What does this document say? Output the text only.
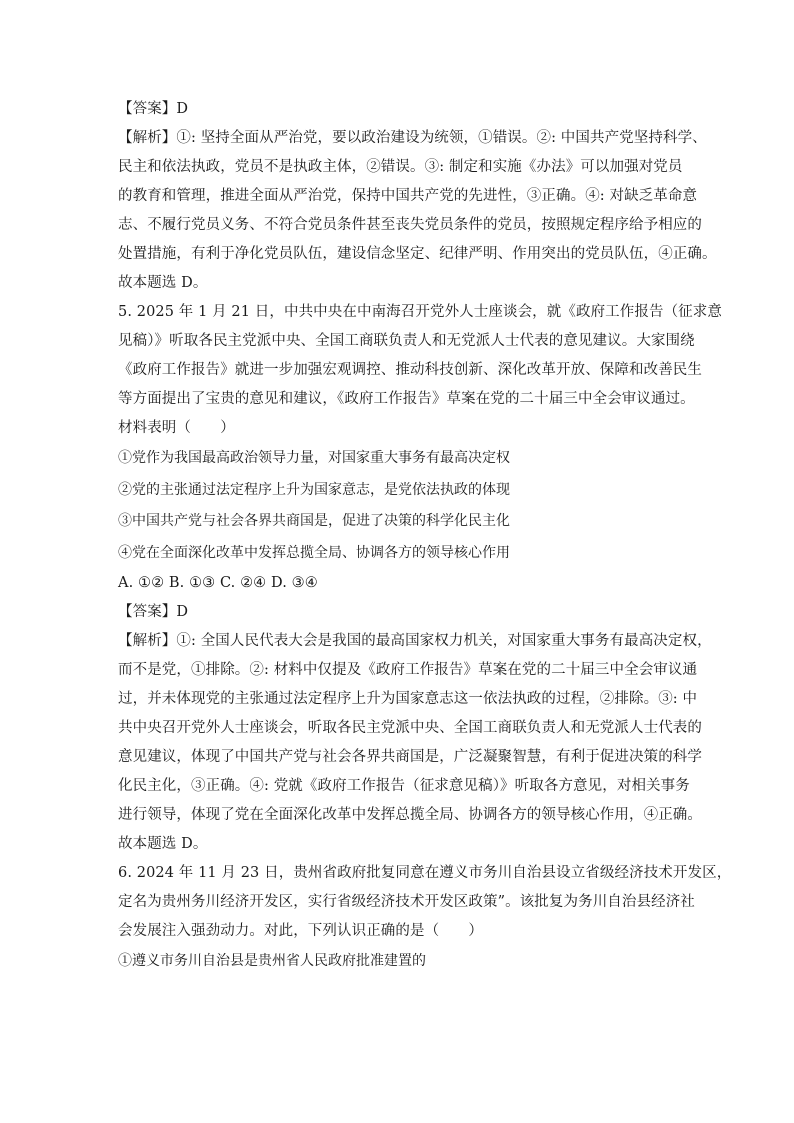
【答案】D
【解析】①: 坚持全面从严治党，要以政治建设为统领，①错误。②: 中国共产党坚持科学、
民主和依法执政，党员不是执政主体，②错误。③: 制定和实施《办法》可以加强对党员
的教育和管理，推进全面从严治党，保持中国共产党的先进性，③正确。④: 对缺乏革命意
志、不履行党员义务、不符合党员条件甚至丧失党员条件的党员，按照规定程序给予相应的
处置措施，有利于净化党员队伍，建设信念坚定、纪律严明、作用突出的党员队伍，④正确。
故本题选 D。
5. 2025 年 1 月 21 日，中共中央在中南海召开党外人士座谈会，就《政府工作报告（征求意
见稿）》听取各民主党派中央、全国工商联负责人和无党派人士代表的意见建议。大家围绕
《政府工作报告》就进一步加强宏观调控、推动科技创新、深化改革开放、保障和改善民生
等方面提出了宝贵的意见和建议，《政府工作报告》草案在党的二十届三中全会审议通过。
材料表明（　　）
①党作为我国最高政治领导力量，对国家重大事务有最高决定权
②党的主张通过法定程序上升为国家意志，是党依法执政的体现
③中国共产党与社会各界共商国是，促进了决策的科学化民主化
④党在全面深化改革中发挥总揽全局、协调各方的领导核心作用
A. ①② B. ①③ C. ②④ D. ③④
【答案】D
【解析】①: 全国人民代表大会是我国的最高国家权力机关，对国家重大事务有最高决定权，
而不是党，①排除。②: 材料中仅提及《政府工作报告》草案在党的二十届三中全会审议通
过，并未体现党的主张通过法定程序上升为国家意志这一依法执政的过程，②排除。③: 中
共中央召开党外人士座谈会，听取各民主党派中央、全国工商联负责人和无党派人士代表的
意见建议，体现了中国共产党与社会各界共商国是，广泛凝聚智慧，有利于促进决策的科学
化民主化，③正确。④: 党就《政府工作报告（征求意见稿）》听取各方意见，对相关事务
进行领导，体现了党在全面深化改革中发挥总揽全局、协调各方的领导核心作用，④正确。
故本题选 D。
6. 2024 年 11 月 23 日，贵州省政府批复同意在遵义市务川自治县设立省级经济技术开发区，
定名为贵州务川经济开发区，实行省级经济技术开发区政策”。该批复为务川自治县经济社
会发展注入强劲动力。对此，下列认识正确的是（　　）
①遵义市务川自治县是贵州省人民政府批准建置的
